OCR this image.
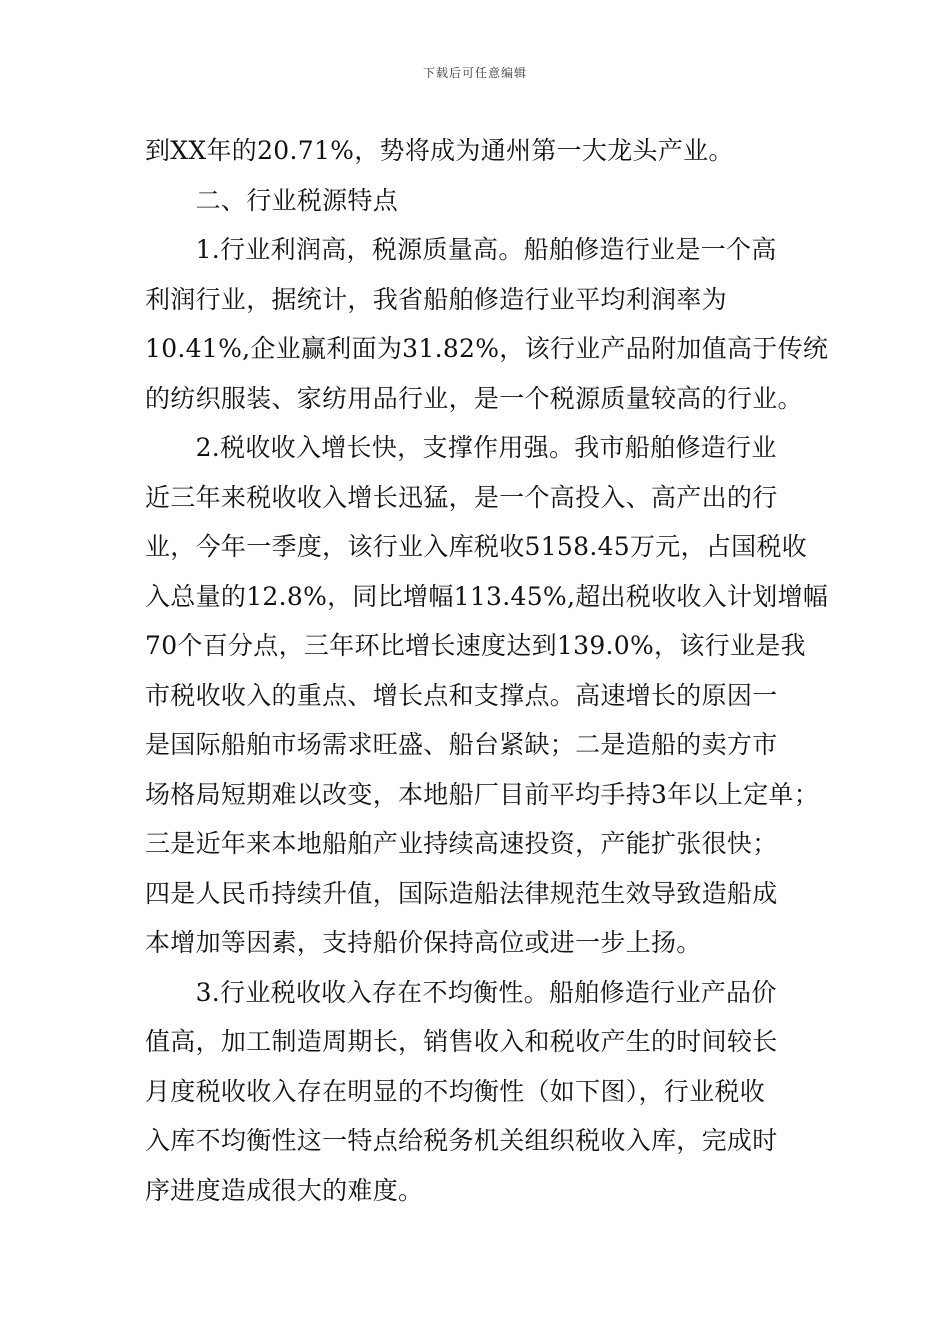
下载后可任意编辑
到XX年的20.71%，势将成为通州第一大龙头产业。
　　二、行业税源特点
　　1.行业利润高，税源质量高。船舶修造行业是一个高
利润行业，据统计，我省船舶修造行业平均利润率为
10.41%,企业赢利面为31.82%，该行业产品附加值高于传统
的纺织服装、家纺用品行业，是一个税源质量较高的行业。
　　2.税收收入增长快，支撑作用强。我市船舶修造行业
近三年来税收收入增长迅猛，是一个高投入、高产出的行
业，今年一季度，该行业入库税收5158.45万元，占国税收
入总量的12.8%，同比增幅113.45%,超出税收收入计划增幅
70个百分点，三年环比增长速度达到139.0%，该行业是我
市税收收入的重点、增长点和支撑点。高速增长的原因一
是国际船舶市场需求旺盛、船台紧缺；二是造船的卖方市
场格局短期难以改变，本地船厂目前平均手持3年以上定单；
三是近年来本地船舶产业持续高速投资，产能扩张很快；
四是人民币持续升值，国际造船法律规范生效导致造船成
本增加等因素，支持船价保持高位或进一步上扬。
　　3.行业税收收入存在不均衡性。船舶修造行业产品价
值高，加工制造周期长，销售收入和税收产生的时间较长
月度税收收入存在明显的不均衡性（如下图），行业税收
入库不均衡性这一特点给税务机关组织税收入库，完成时
序进度造成很大的难度。
